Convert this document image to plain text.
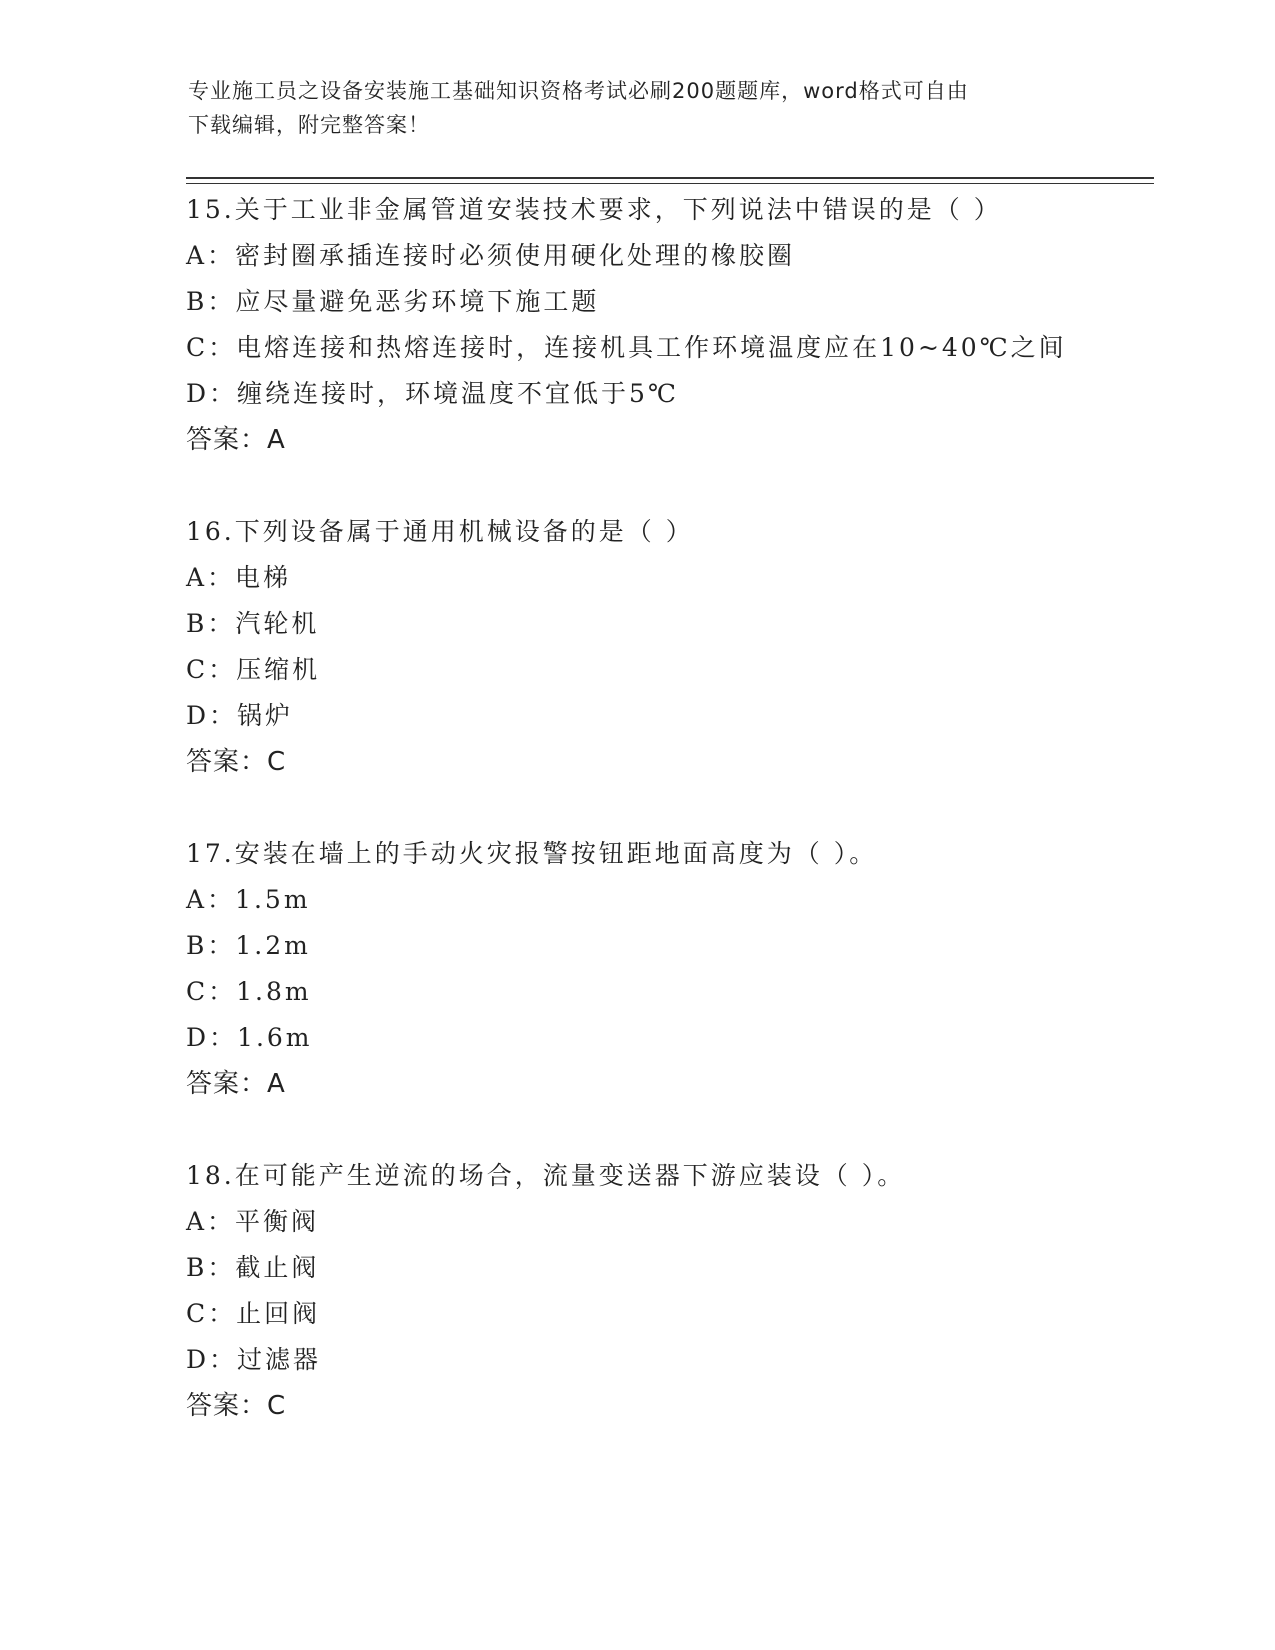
专业施工员之设备安装施工基础知识资格考试必刷200题题库，word格式可自由
下载编辑，附完整答案！
15.关于工业非金属管道安装技术要求，下列说法中错误的是（ ）
A：密封圈承插连接时必须使用硬化处理的橡胶圈
B：应尽量避免恶劣环境下施工题
C：电熔连接和热熔连接时，连接机具工作环境温度应在10~40℃之间
D：缠绕连接时，环境温度不宜低于5℃
答案：A
16.下列设备属于通用机械设备的是（ ）
A：电梯
B：汽轮机
C：压缩机
D：锅炉
答案：C
17.安装在墙上的手动火灾报警按钮距地面高度为（ ）。
A：1.5m
B：1.2m
C：1.8m
D：1.6m
答案：A
18.在可能产生逆流的场合，流量变送器下游应装设（ ）。
A：平衡阀
B：截止阀
C：止回阀
D：过滤器
答案：C
